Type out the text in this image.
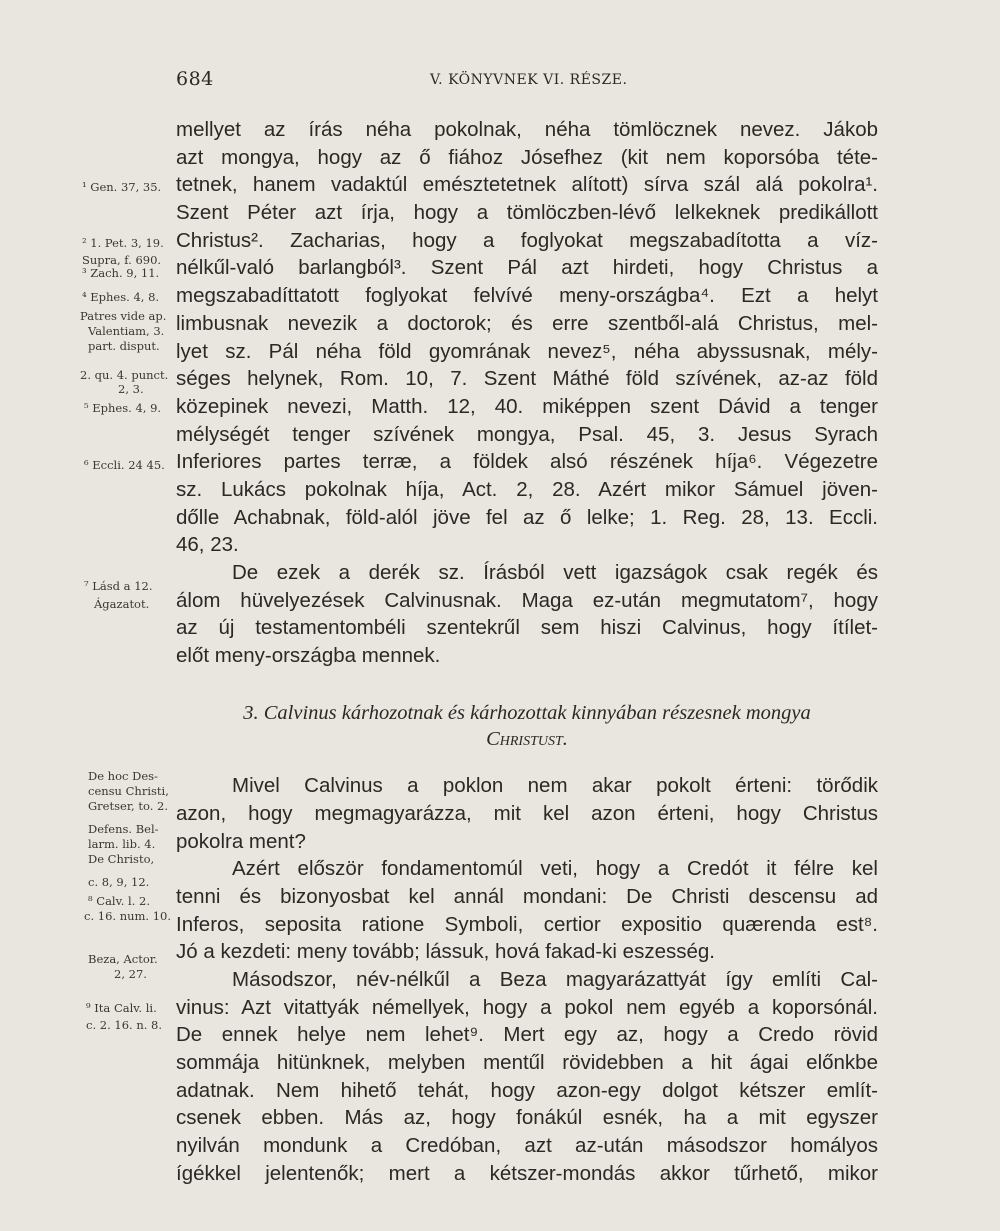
684	V. KÖNYVNEK VI. RÉSZE.
mellyet az írás néha pokolnak, néha tömlöcznek nevez. Jákob
azt mongya, hogy az ő fiához Jósefhez (kit nem koporsóba téte-
tetnek, hanem vadaktúl emésztetetnek alított) sírva szál alá pokolra¹.
Szent Péter azt írja, hogy a tömlöczben-lévő lelkeknek predikállott
Christus². Zacharias, hogy a foglyokat megszabadította a víz-
nélkűl-való barlangból³. Szent Pál azt hirdeti, hogy Christus a
megszabadíttatott foglyokat felvívé meny-országba⁴. Ezt a helyt
limbusnak nevezik a doctorok; és erre szentből-alá Christus, mel-
lyet sz. Pál néha föld gyomrának nevez⁵, néha abyssusnak, mély-
séges helynek, Rom. 10, 7. Szent Máthé föld szívének, az-az föld
közepinek nevezi, Matth. 12, 40. miképpen szent Dávid a tenger
mélységét tenger szívének mongya, Psal. 45, 3. Jesus Syrach
Inferiores partes terræ, a földek alsó részének híja⁶. Végezetre
sz. Lukács pokolnak híja, Act. 2, 28. Azért mikor Sámuel jöven-
dőlle Achabnak, föld-alól jöve fel az ő lelke; 1. Reg. 28, 13. Eccli.
46, 23.
De ezek a derék sz. Írásból vett igazságok csak regék és
álom hüvelyezések Calvinusnak. Maga ez-után megmutatom⁷, hogy
az új testamentombéli szentekrűl sem hiszi Calvinus, hogy ítílet-
előt meny-országba mennek.
3. Calvinus kárhozotnak és kárhozottak kinnyában részesnek mongya
Christust.
Mivel Calvinus a poklon nem akar pokolt érteni: törődik
azon, hogy megmagyarázza, mit kel azon érteni, hogy Christus
pokolra ment?
Azért először fondamentomúl veti, hogy a Credót it félre kel
tenni és bizonyosbat kel annál mondani: De Christi descensu ad
Inferos, seposita ratione Symboli, certior expositio quærenda est⁸.
Jó a kezdeti: meny tovább; lássuk, hová fakad-ki eszesség.
Másodszor, név-nélkűl a Beza magyarázattyát így említi Cal-
vinus: Azt vitattyák némellyek, hogy a pokol nem egyéb a koporsónál.
De ennek helye nem lehet⁹. Mert egy az, hogy a Credo rövid
sommája hitünknek, melyben mentűl rövidebben a hit ágai előnkbe
adatnak. Nem hihető tehát, hogy azon-egy dolgot kétszer említ-
csenek ebben. Más az, hogy fonákúl esnék, ha a mit egyszer
nyilván mondunk a Credóban, azt az-után másodszor homályos
ígékkel jelentenők; mert a kétszer-mondás akkor tűrhető, mikor
¹ Gen. 37, 35.
² 1. Pet. 3, 19.
Supra, f. 690.
³ Zach. 9, 11.
⁴ Ephes. 4, 8.
Patres vide ap.
Valentiam, 3.
part. disput.
2. qu. 4. punct.
2, 3.
⁵ Ephes. 4, 9.
⁶ Eccli. 24 45.
⁷ Lásd a 12.
Ágazatot.
De hoc Des-
censu Christi,
Gretser, to. 2.
Defens. Bel-
larm. lib. 4.
De Christo,
c. 8, 9, 12.
⁸ Calv. l. 2.
c. 16. num. 10.
Beza, Actor.
2, 27.
⁹ Ita Calv. li.
c. 2. 16. n. 8.
